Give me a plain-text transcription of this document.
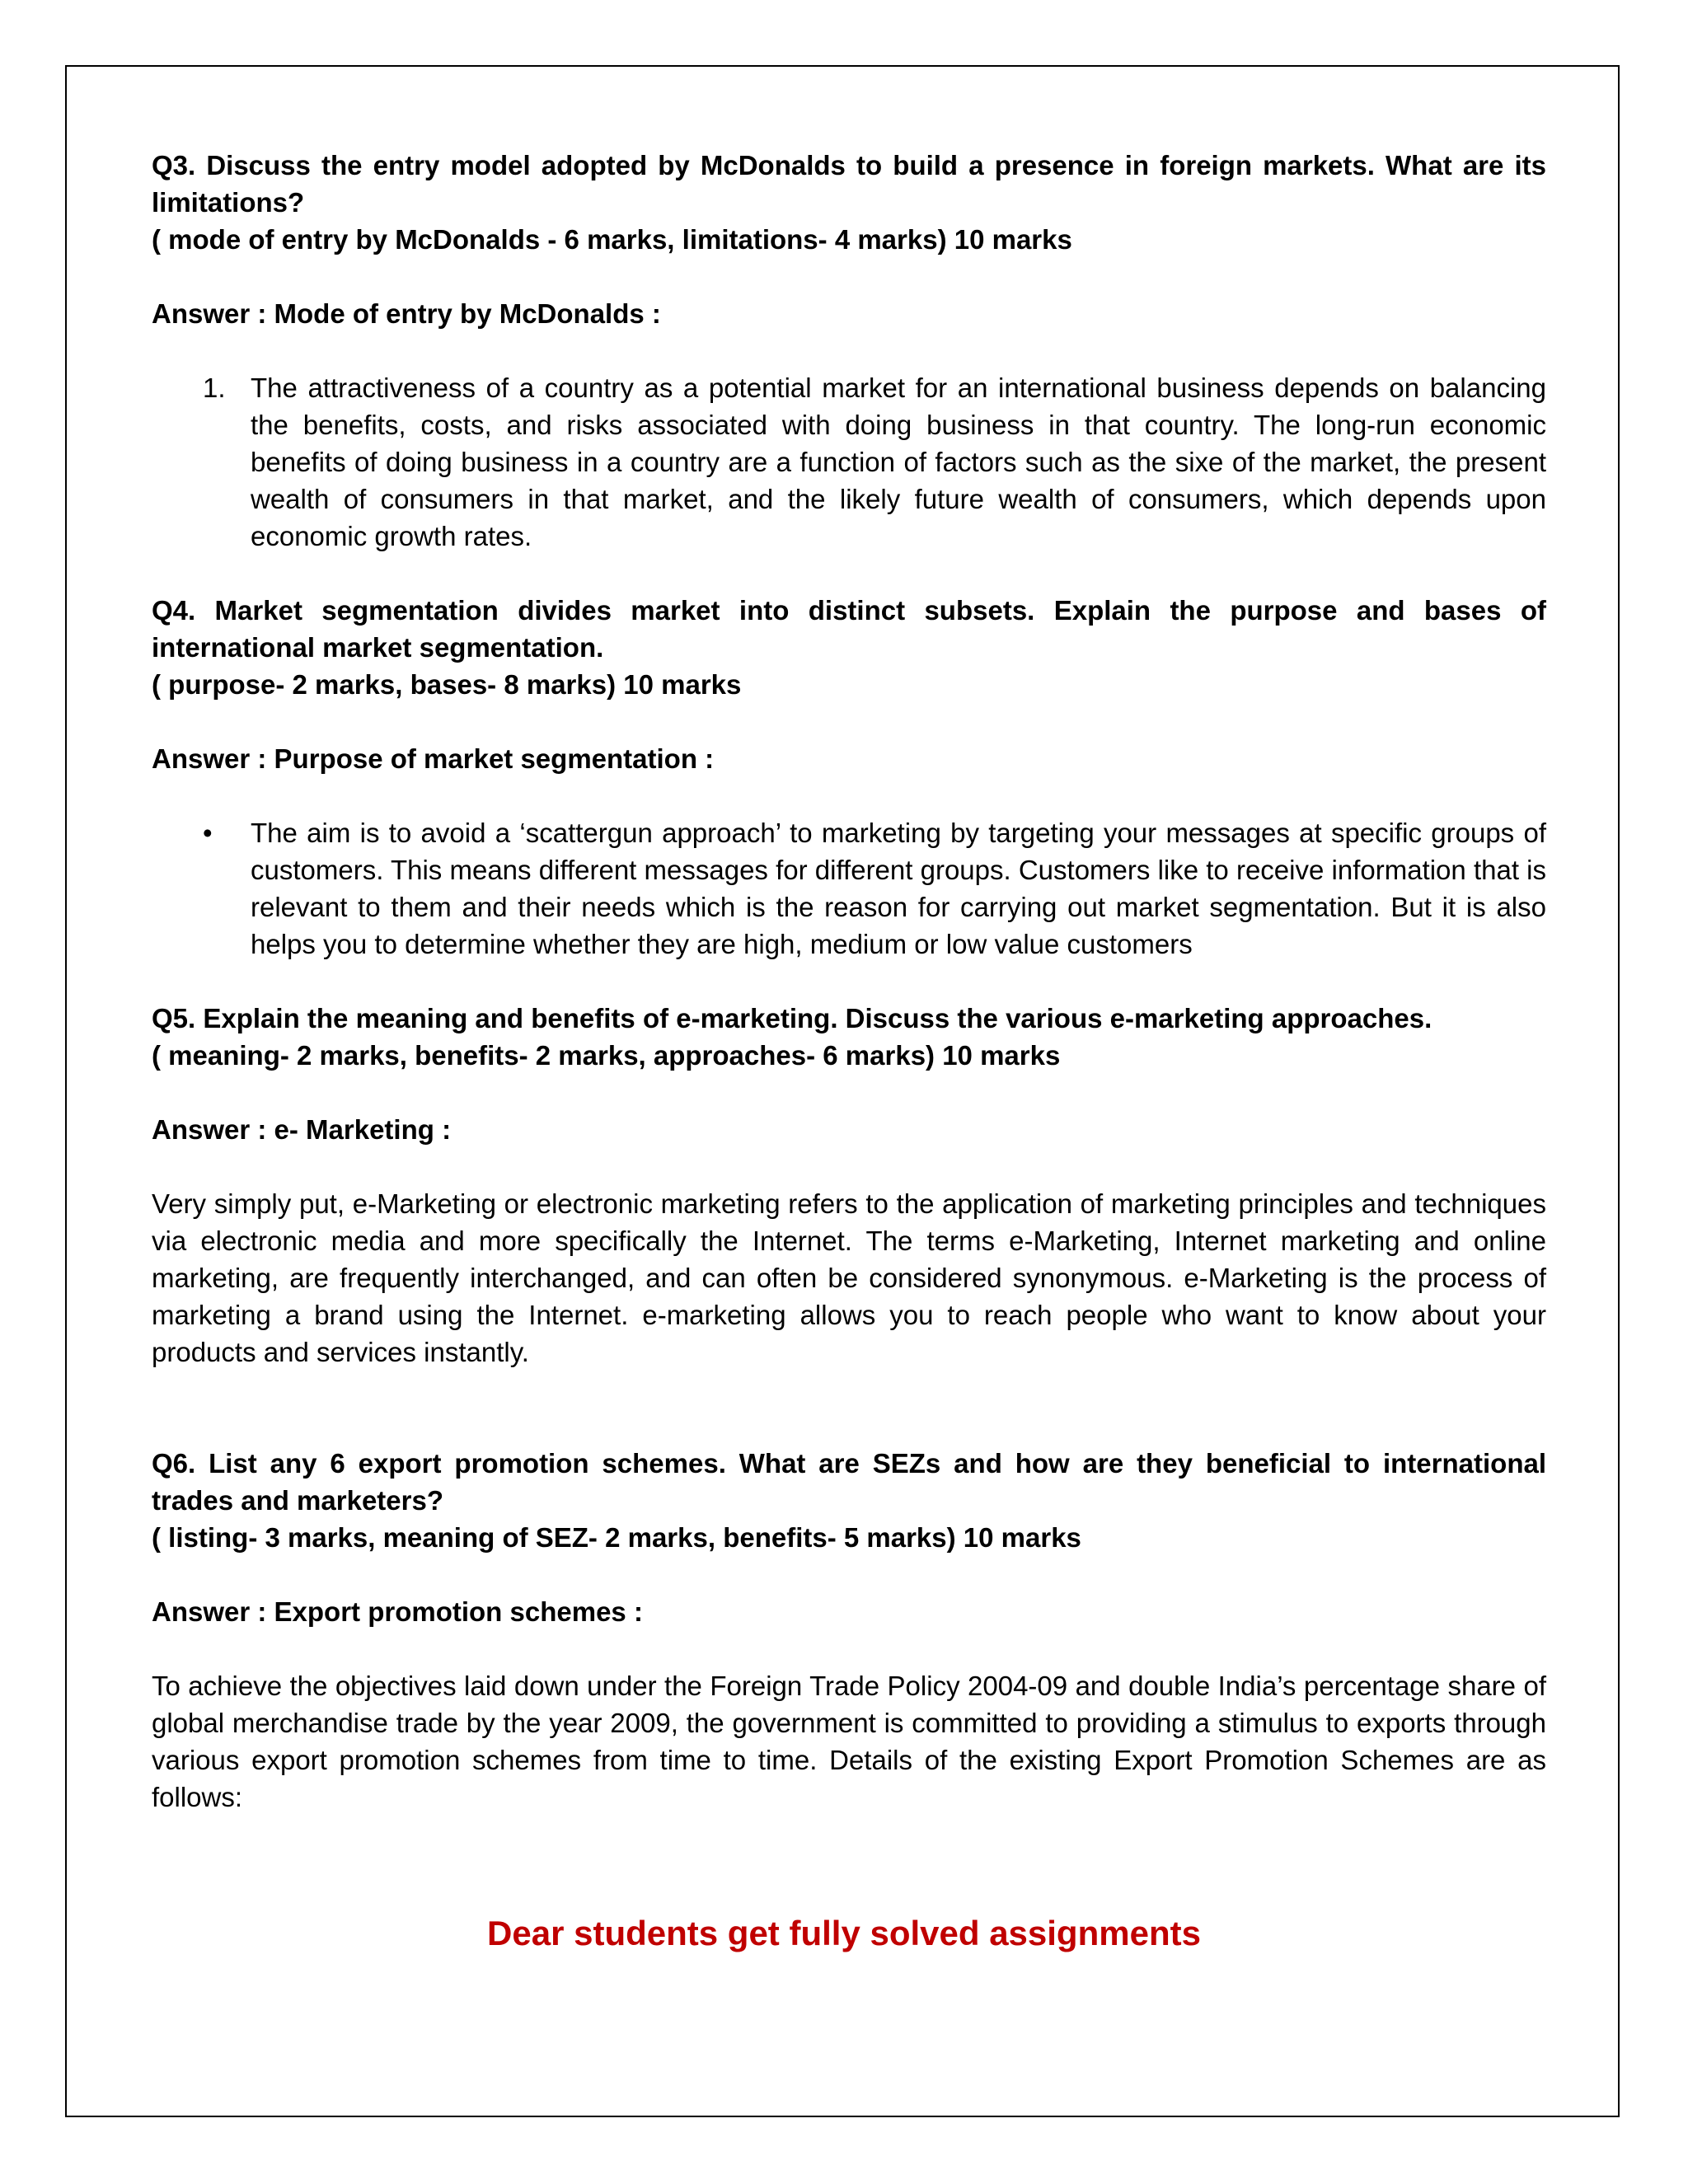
Q3. Discuss the entry model adopted by McDonalds to build a presence in foreign markets. What are its limitations?
( mode of entry by McDonalds - 6 marks, limitations- 4 marks) 10 marks

Answer : Mode of entry by McDonalds :

1. The attractiveness of a country as a potential market for an international business depends on balancing the benefits, costs, and risks associated with doing business in that country. The long-run economic benefits of doing business in a country are a function of factors such as the sixe of the market, the present wealth of consumers in that market, and the likely future wealth of consumers, which depends upon economic growth rates.

Q4. Market segmentation divides market into distinct subsets. Explain the purpose and bases of international market segmentation.
( purpose- 2 marks, bases- 8 marks) 10 marks

Answer : Purpose of market segmentation :

•	The aim is to avoid a ‘scattergun approach’ to marketing by targeting your messages at specific groups of customers. This means different messages for different groups. Customers like to receive information that is relevant to them and their needs which is the reason for carrying out market segmentation. But it is also helps you to determine whether they are high, medium or low value customers

Q5. Explain the meaning and benefits of e-marketing. Discuss the various e-marketing approaches.
( meaning- 2 marks, benefits- 2 marks, approaches- 6 marks) 10 marks

Answer : e- Marketing :

Very simply put, e-Marketing or electronic marketing refers to the application of marketing principles and techniques via electronic media and more specifically the Internet. The terms e-Marketing, Internet marketing and online marketing, are frequently interchanged, and can often be considered synonymous. e-Marketing is the process of marketing a brand using the Internet. e-marketing allows you to reach people who want to know about your products and services instantly.

Q6. List any 6 export promotion schemes. What are SEZs and how are they beneficial to international trades and marketers?
( listing- 3 marks, meaning of SEZ- 2 marks, benefits- 5 marks) 10 marks

Answer : Export promotion schemes :

To achieve the objectives laid down under the Foreign Trade Policy 2004-09 and double India’s percentage share of global merchandise trade by the year 2009, the government is committed to providing a stimulus to exports through various export promotion schemes from time to time. Details of the existing Export Promotion Schemes are as follows:

Dear students get fully solved assignments
